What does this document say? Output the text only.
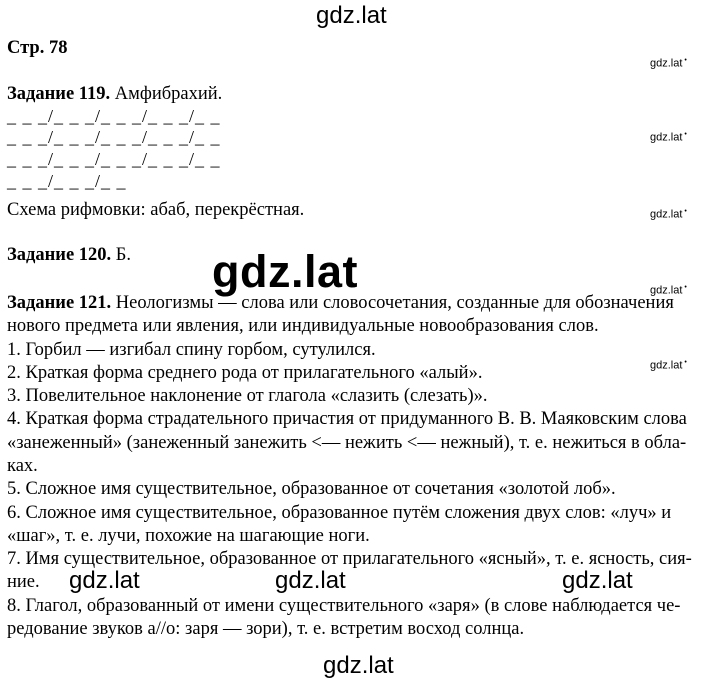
gdz.lat
Стр. 78
gdz.lat •
gdz.lat •
gdz.lat •
gdz.lat •
gdz.lat •
Задание 119. Амфибрахий.
_ _ _/_ _ _/_ _ _/_ _ _/_ _
_ _ _/_ _ _/_ _ _/_ _ _/_ _
_ _ _/_ _ _/_ _ _/_ _ _/_ _
_ _ _/_ _ _/_ _
Схема рифмовки: абаб, перекрёстная.
Задание 120. Б. gdz.lat
Задание 121. Неологизмы — слова или словосочетания, созданные для обозначения
нового предмета или явления, или индивидуальные новообразования слов.
1. Горбил — изгибал спину горбом, сутулился.
2. Краткая форма среднего рода от прилагательного «алый».
3. Повелительное наклонение от глагола «слазить (слезать)».
4. Краткая форма страдательного причастия от придуманного В. В. Маяковским слова
«занеженный» (занеженный занежить <— нежить <— нежный), т. е. нежиться в обла-
ках.
5. Сложное имя существительное, образованное от сочетания «золотой лоб».
6. Сложное имя существительное, образованное путём сложения двух слов: «луч» и
«шаг», т. е. лучи, похожие на шагающие ноги.
7. Имя существительное, образованное от прилагательного «ясный», т. е. ясность, сия-
ние.
8. Глагол, образованный от имени существительного «заря» (в слове наблюдается че-
редование звуков а//о: заря — зори), т. е. встретим восход солнца.
gdz.lat	gdz.lat	gdz.lat
gdz.lat
